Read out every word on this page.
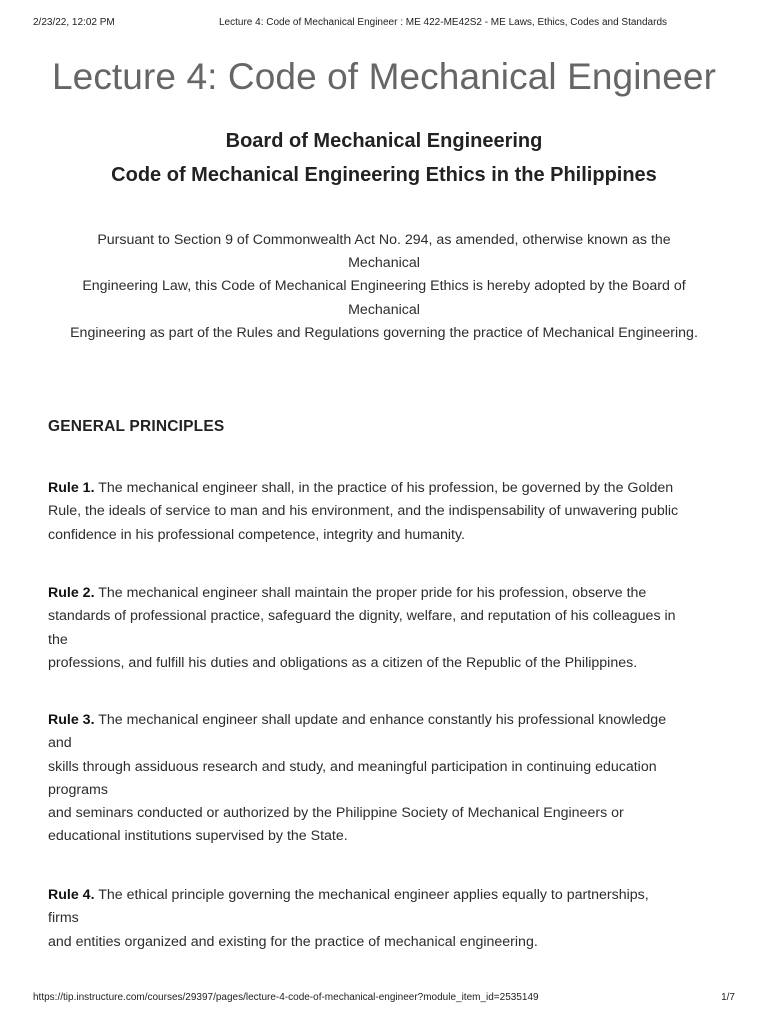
2/23/22, 12:02 PM	Lecture 4: Code of Mechanical Engineer : ME 422-ME42S2 - ME Laws, Ethics, Codes and Standards
Lecture 4: Code of Mechanical Engineer
Board of Mechanical Engineering
Code of Mechanical Engineering Ethics in the Philippines
Pursuant to Section 9 of Commonwealth Act No. 294, as amended, otherwise known as the
Mechanical
Engineering Law, this Code of Mechanical Engineering Ethics is hereby adopted by the Board of
Mechanical
Engineering as part of the Rules and Regulations governing the practice of Mechanical Engineering.
GENERAL PRINCIPLES
Rule 1. The mechanical engineer shall, in the practice of his profession, be governed by the Golden
Rule, the ideals of service to man and his environment, and the indispensability of unwavering public
confidence in his professional competence, integrity and humanity.
Rule 2. The mechanical engineer shall maintain the proper pride for his profession, observe the
standards of professional practice, safeguard the dignity, welfare, and reputation of his colleagues in
the
professions, and fulfill his duties and obligations as a citizen of the Republic of the Philippines.
Rule 3. The mechanical engineer shall update and enhance constantly his professional knowledge
and
skills through assiduous research and study, and meaningful participation in continuing education
programs
and seminars conducted or authorized by the Philippine Society of Mechanical Engineers or
educational institutions supervised by the State.
Rule 4. The ethical principle governing the mechanical engineer applies equally to partnerships,
firms
and entities organized and existing for the practice of mechanical engineering.
https://tip.instructure.com/courses/29397/pages/lecture-4-code-of-mechanical-engineer?module_item_id=2535149	1/7
